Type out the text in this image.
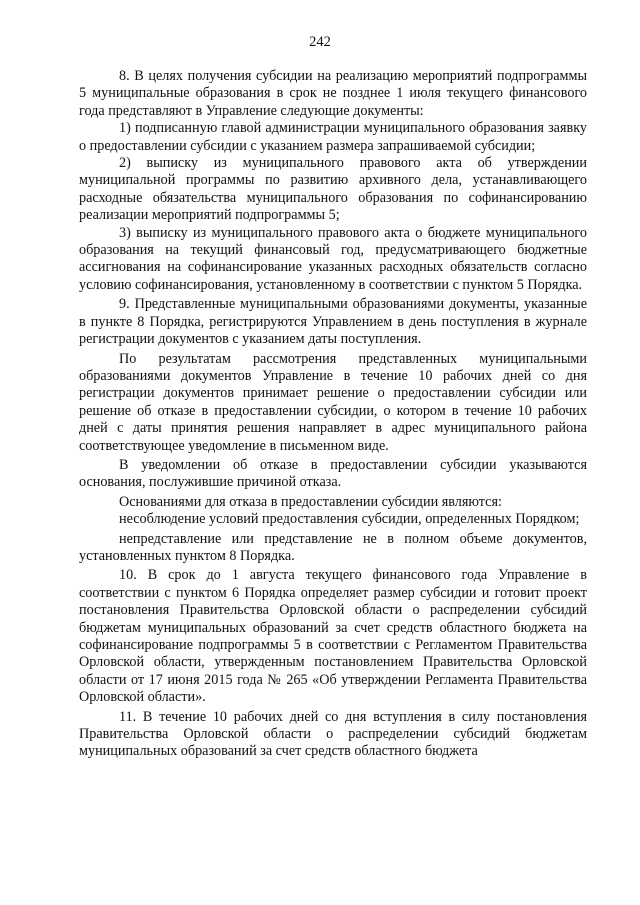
242

8. В целях получения субсидии на реализацию мероприятий подпрограммы 5 муниципальные образования в срок не позднее 1 июля текущего финансового года представляют в Управление следующие документы:

1) подписанную главой администрации муниципального образования заявку о предоставлении субсидии с указанием размера запрашиваемой субсидии;

2) выписку из муниципального правового акта об утверждении муниципальной программы по развитию архивного дела, устанавливающего расходные обязательства муниципального образования по софинансированию реализации мероприятий подпрограммы 5;

3) выписку из муниципального правового акта о бюджете муниципального образования на текущий финансовый год, предусматривающего бюджетные ассигнования на софинансирование указанных расходных обязательств согласно условию софинансирования, установленному в соответствии с пунктом 5 Порядка.

9. Представленные муниципальными образованиями документы, указанные в пункте 8 Порядка, регистрируются Управлением в день поступления в журнале регистрации документов с указанием даты поступления.

По результатам рассмотрения представленных муниципальными образованиями документов Управление в течение 10 рабочих дней со дня регистрации документов принимает решение о предоставлении субсидии или решение об отказе в предоставлении субсидии, о котором в течение 10 рабочих дней с даты принятия решения направляет в адрес муниципального района соответствующее уведомление в письменном виде.

В уведомлении об отказе в предоставлении субсидии указываются основания, послужившие причиной отказа.

Основаниями для отказа в предоставлении субсидии являются:

несоблюдение условий предоставления субсидии, определенных Порядком;

непредставление или представление не в полном объеме документов, установленных пунктом 8 Порядка.

10. В срок до 1 августа текущего финансового года Управление в соответствии с пунктом 6 Порядка определяет размер субсидии и готовит проект постановления Правительства Орловской области о распределении субсидий бюджетам муниципальных образований за счет средств областного бюджета на софинансирование подпрограммы 5 в соответствии с Регламентом Правительства Орловской области, утвержденным постановлением Правительства Орловской области от 17 июня 2015 года № 265 «Об утверждении Регламента Правительства Орловской области».

11. В течение 10 рабочих дней со дня вступления в силу постановления Правительства Орловской области о распределении субсидий бюджетам муниципальных образований за счет средств областного бюджета
